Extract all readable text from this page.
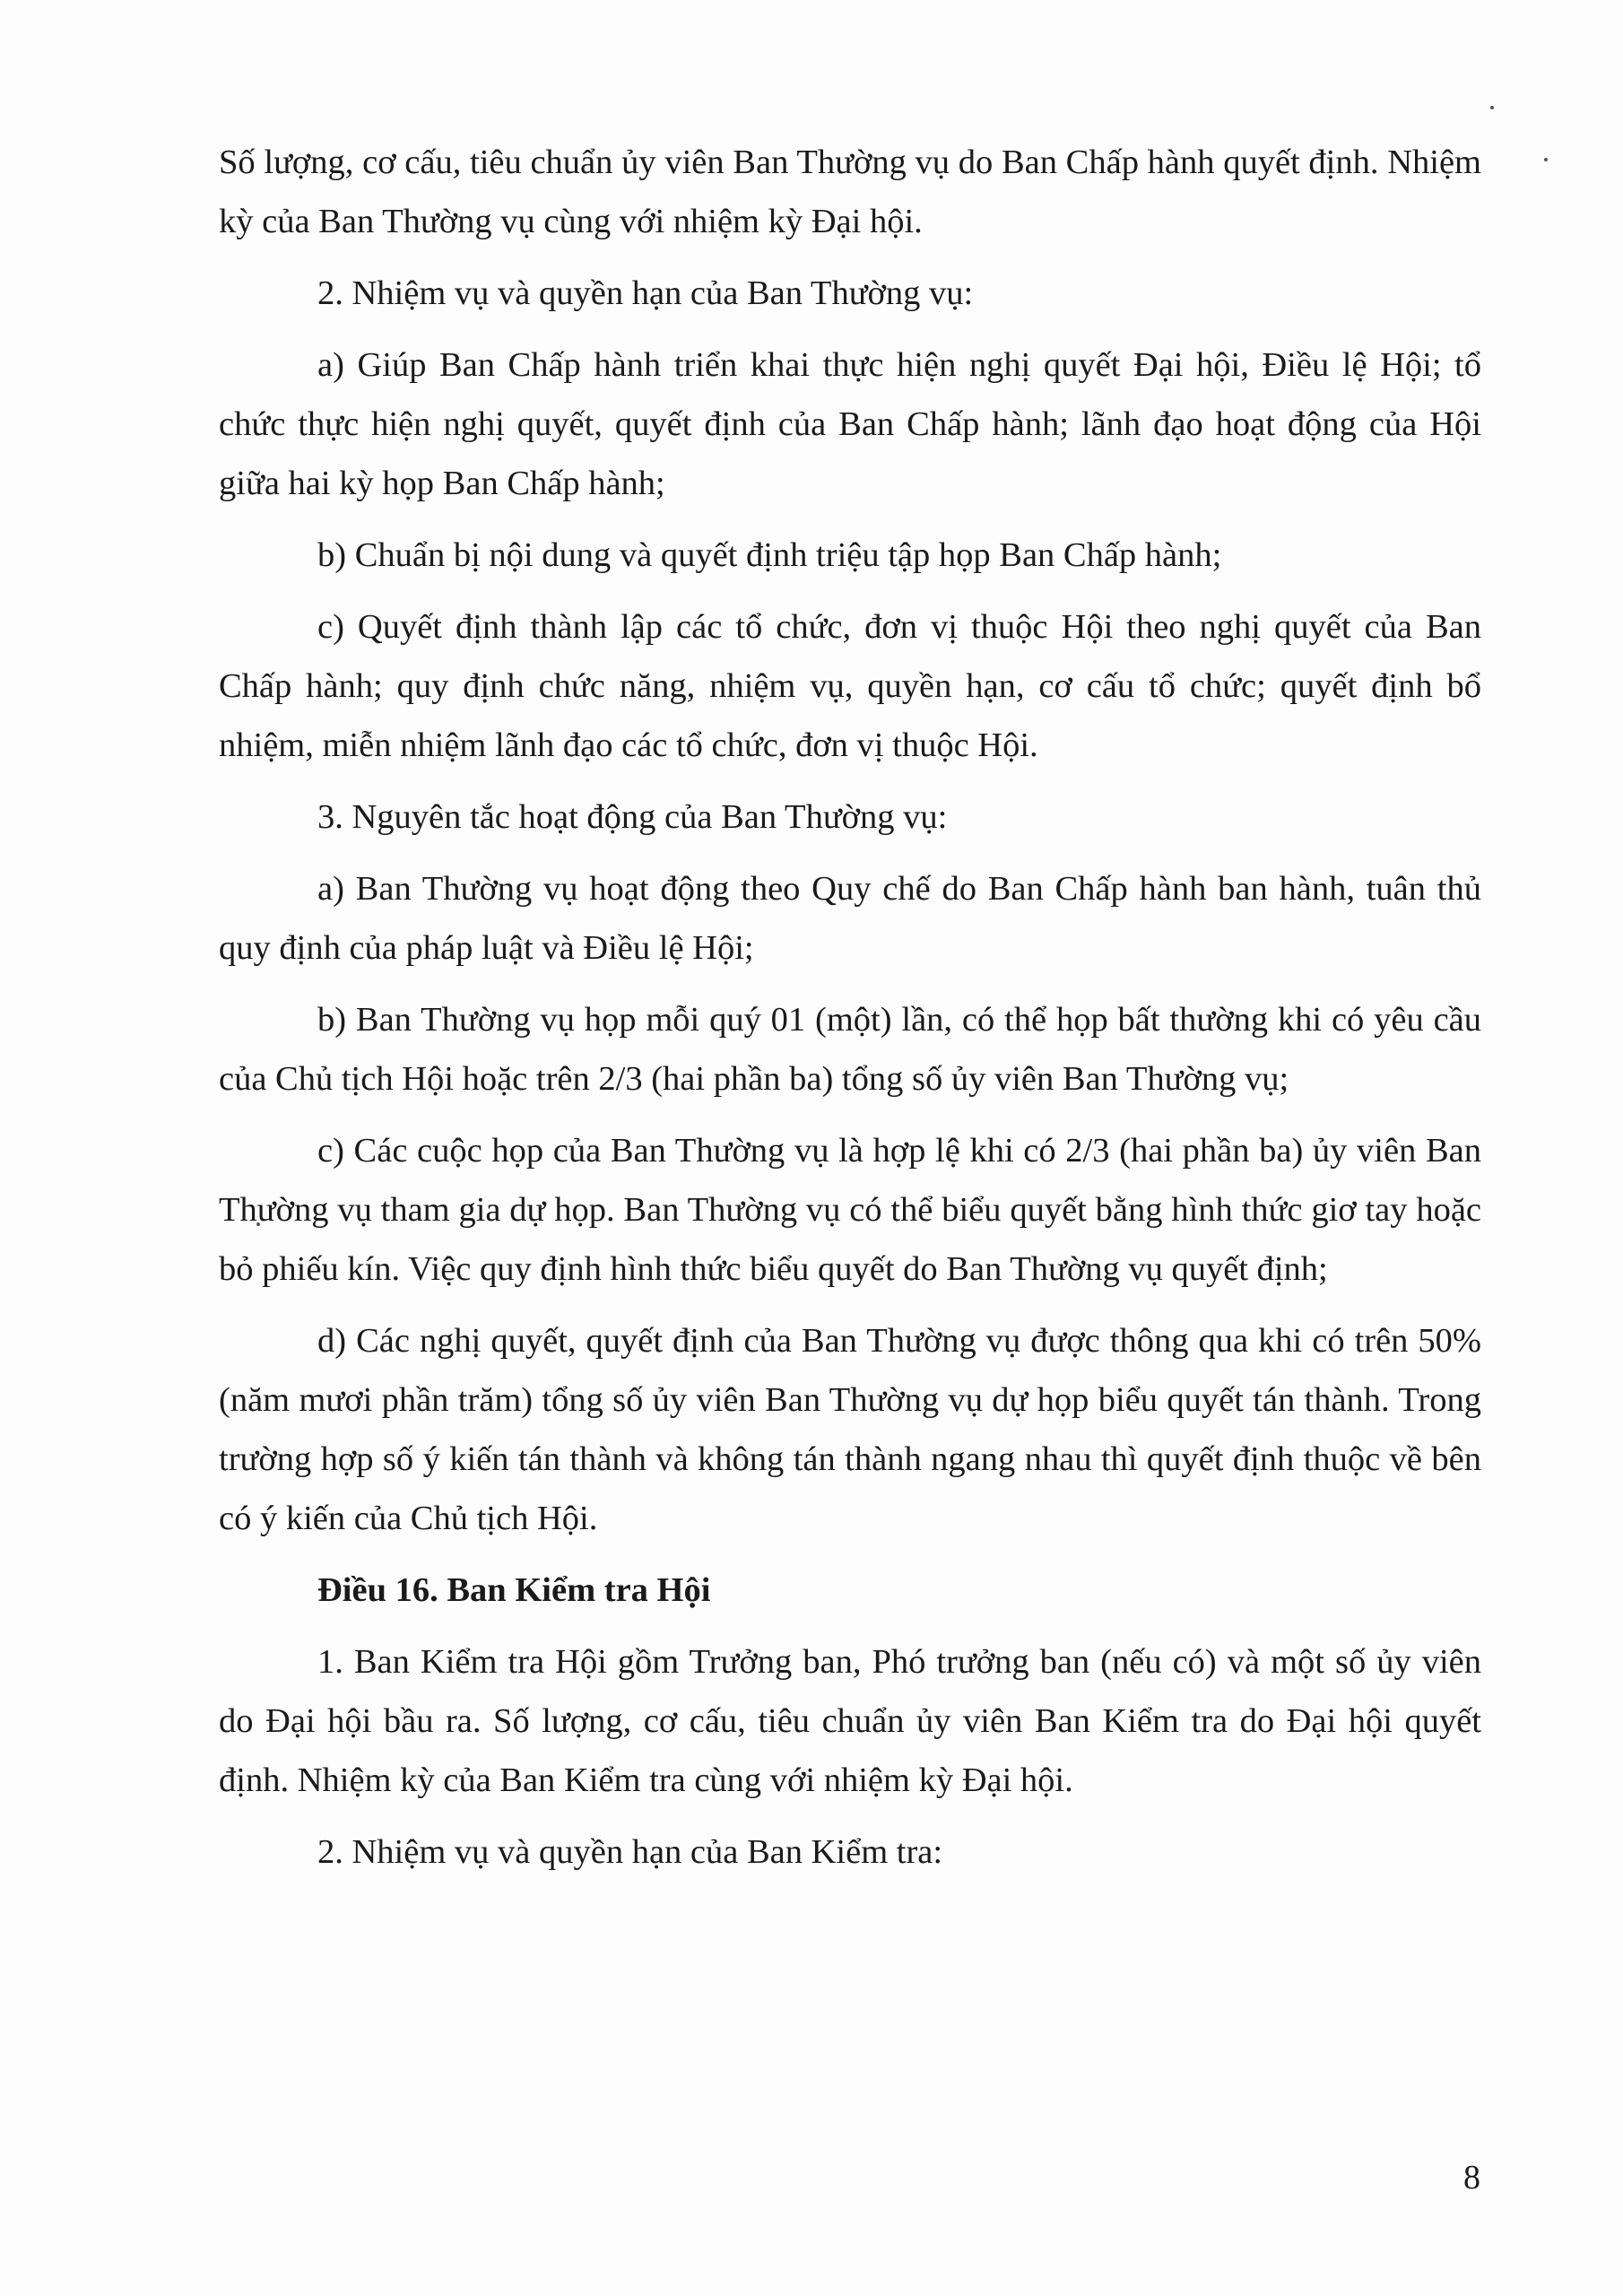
Số lượng, cơ cấu, tiêu chuẩn ủy viên Ban Thường vụ do Ban Chấp hành quyết định. Nhiệm kỳ của Ban Thường vụ cùng với nhiệm kỳ Đại hội.

2. Nhiệm vụ và quyền hạn của Ban Thường vụ:

a) Giúp Ban Chấp hành triển khai thực hiện nghị quyết Đại hội, Điều lệ Hội; tổ chức thực hiện nghị quyết, quyết định của Ban Chấp hành; lãnh đạo hoạt động của Hội giữa hai kỳ họp Ban Chấp hành;

b) Chuẩn bị nội dung và quyết định triệu tập họp Ban Chấp hành;

c) Quyết định thành lập các tổ chức, đơn vị thuộc Hội theo nghị quyết của Ban Chấp hành; quy định chức năng, nhiệm vụ, quyền hạn, cơ cấu tổ chức; quyết định bổ nhiệm, miễn nhiệm lãnh đạo các tổ chức, đơn vị thuộc Hội.

3. Nguyên tắc hoạt động của Ban Thường vụ:

a) Ban Thường vụ hoạt động theo Quy chế do Ban Chấp hành ban hành, tuân thủ quy định của pháp luật và Điều lệ Hội;

b) Ban Thường vụ họp mỗi quý 01 (một) lần, có thể họp bất thường khi có yêu cầu của Chủ tịch Hội hoặc trên 2/3 (hai phần ba) tổng số ủy viên Ban Thường vụ;

c) Các cuộc họp của Ban Thường vụ là hợp lệ khi có 2/3 (hai phần ba) ủy viên Ban Thường vụ tham gia dự họp. Ban Thường vụ có thể biểu quyết bằng hình thức giơ tay hoặc bỏ phiếu kín. Việc quy định hình thức biểu quyết do Ban Thường vụ quyết định;

d) Các nghị quyết, quyết định của Ban Thường vụ được thông qua khi có trên 50% (năm mươi phần trăm) tổng số ủy viên Ban Thường vụ dự họp biểu quyết tán thành. Trong trường hợp số ý kiến tán thành và không tán thành ngang nhau thì quyết định thuộc về bên có ý kiến của Chủ tịch Hội.

Điều 16. Ban Kiểm tra Hội

1. Ban Kiểm tra Hội gồm Trưởng ban, Phó trưởng ban (nếu có) và một số ủy viên do Đại hội bầu ra. Số lượng, cơ cấu, tiêu chuẩn ủy viên Ban Kiểm tra do Đại hội quyết định. Nhiệm kỳ của Ban Kiểm tra cùng với nhiệm kỳ Đại hội.

2. Nhiệm vụ và quyền hạn của Ban Kiểm tra:

8
